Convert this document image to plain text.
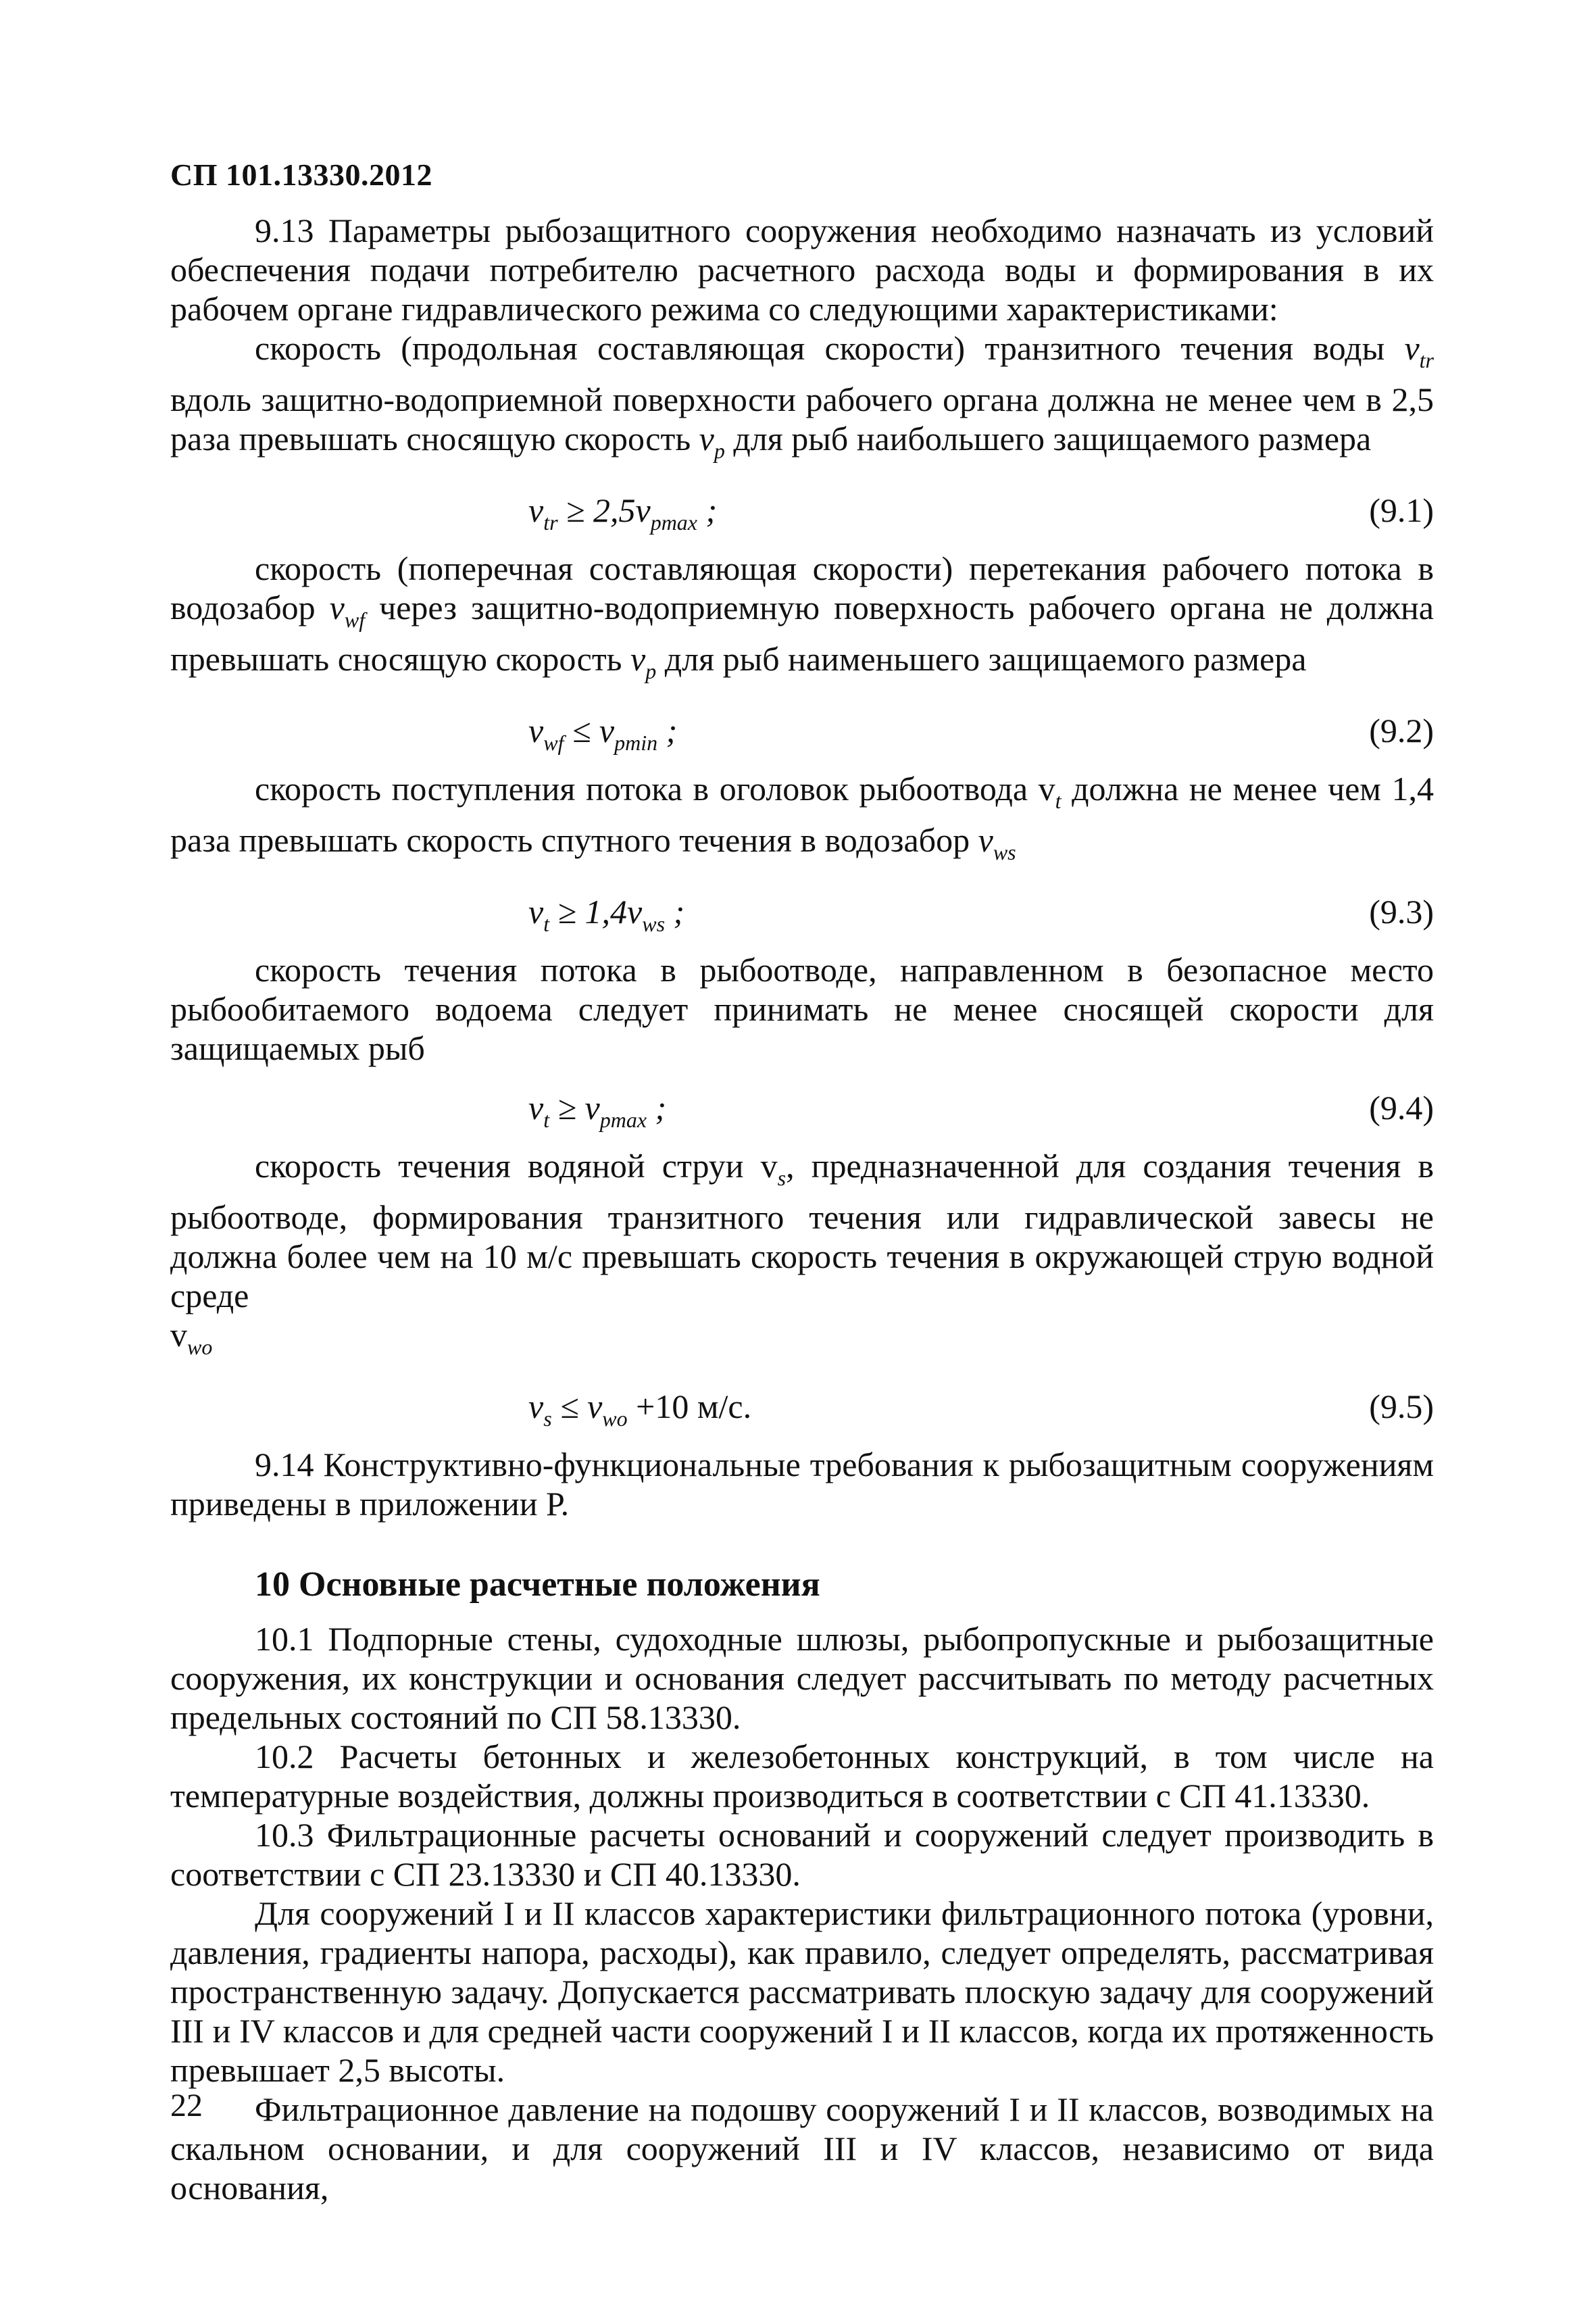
СП 101.13330.2012

9.13 Параметры рыбозащитного сооружения необходимо назначать из условий обеспечения подачи потребителю расчетного расхода воды и формирования в их рабочем органе гидравлического режима со следующими характеристиками:

скорость (продольная составляющая скорости) транзитного течения воды $v_{tr}$ вдоль защитно-водоприемной поверхности рабочего органа должна не менее чем в 2,5 раза превышать сносящую скорость $v_p$ для рыб наибольшего защищаемого размера

$v_{tr} \ge 2,5v_{pmax}$ ;	(9.1)

скорость (поперечная составляющая скорости) перетекания рабочего потока в водозабор $v_{wf}$ через защитно-водоприемную поверхность рабочего органа не должна превышать сносящую скорость $v_p$ для рыб наименьшего защищаемого размера

$v_{wf} \le v_{pmin}$ ;	(9.2)

скорость поступления потока в оголовок рыбоотвода $v_t$ должна не менее чем 1,4 раза превышать скорость спутного течения в водозабор $v_{ws}$

$v_t \ge 1,4v_{ws}$ ;	(9.3)

скорость течения потока в рыбоотводе, направленном в безопасное место рыбообитаемого водоема следует принимать не менее сносящей скорости для защищаемых рыб

$v_t \ge v_{pmax}$ ;	(9.4)

скорость течения водяной струи $v_s$, предназначенной для создания течения в рыбоотводе, формирования транзитного течения или гидравлической завесы не должна более чем на 10 м/с превышать скорость течения в окружающей струю водной среде

$v_{wo}$

$v_s \le v_{wo} +10$ м/с.	(9.5)

9.14 Конструктивно-функциональные требования к рыбозащитным сооружениям приведены в приложении Р.

10 Основные расчетные положения

10.1 Подпорные стены, судоходные шлюзы, рыбопропускные и рыбозащитные сооружения, их конструкции и основания следует рассчитывать по методу расчетных предельных состояний по СП 58.13330.

10.2 Расчеты бетонных и железобетонных конструкций, в том числе на температурные воздействия, должны производиться в соответствии с СП 41.13330.

10.3 Фильтрационные расчеты оснований и сооружений следует производить в соответствии с СП 23.13330 и СП 40.13330.

Для сооружений I и II классов характеристики фильтрационного потока (уровни, давления, градиенты напора, расходы), как правило, следует определять, рассматривая пространственную задачу. Допускается рассматривать плоскую задачу для сооружений III и IV классов и для средней части сооружений I и II классов, когда их протяженность превышает 2,5 высоты.

Фильтрационное давление на подошву сооружений I и II классов, возводимых на скальном основании, и для сооружений III и IV классов, независимо от вида основания,

22
